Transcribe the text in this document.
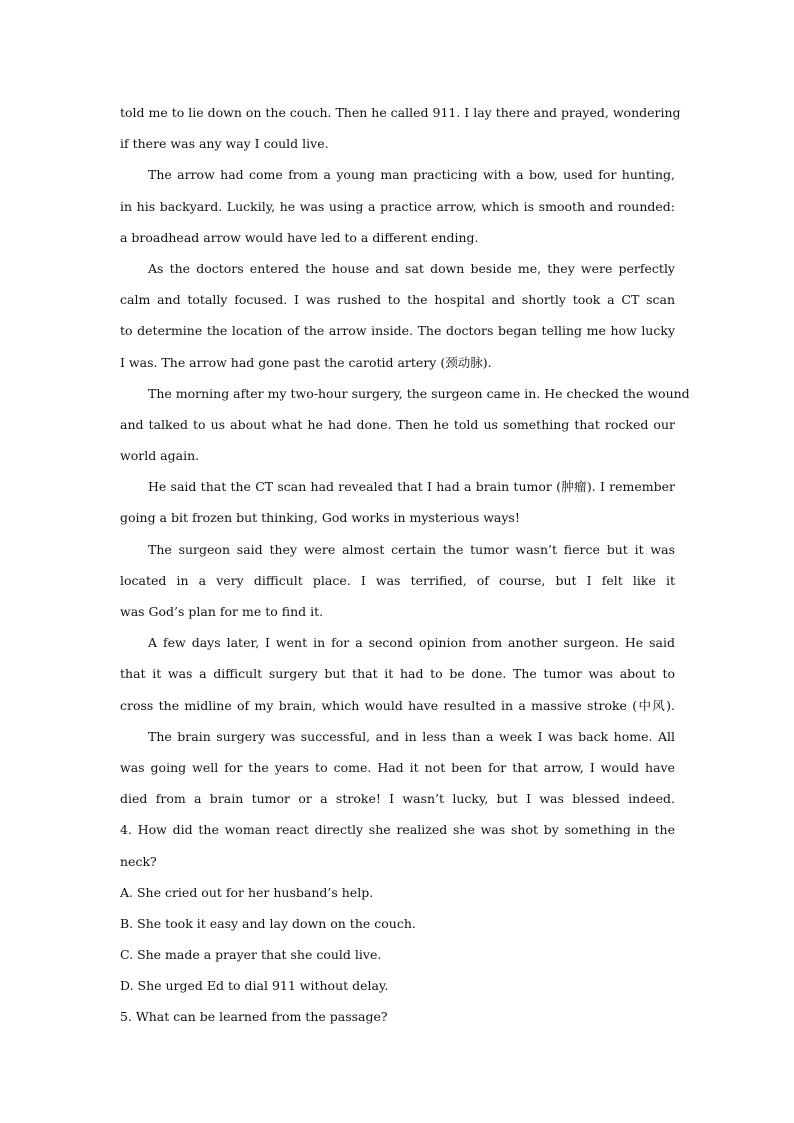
told me to lie down on the couch. Then he called 911. I lay there and prayed, wondering
if there was any way I could live.
The arrow had come from a young man practicing with a bow, used for hunting,
in his backyard. Luckily, he was using a practice arrow, which is smooth and rounded:
a broadhead arrow would have led to a different ending.
As the doctors entered the house and sat down beside me, they were perfectly
calm and totally focused. I was rushed to the hospital and shortly took a CT scan
to determine the location of the arrow inside. The doctors began telling me how lucky
I was. The arrow had gone past the carotid artery (颈动脉).
The morning after my two-hour surgery, the surgeon came in. He checked the wound
and talked to us about what he had done. Then he told us something that rocked our
world again.
He said that the CT scan had revealed that I had a brain tumor (肿瘤). I remember
going a bit frozen but thinking, God works in mysterious ways!
The surgeon said they were almost certain the tumor wasn’t fierce but it was
located in a very difficult place. I was terrified, of course, but I felt like it
was God’s plan for me to find it.
A few days later, I went in for a second opinion from another surgeon. He said
that it was a difficult surgery but that it had to be done. The tumor was about to
cross the midline of my brain, which would have resulted in a massive stroke (中风).
The brain surgery was successful, and in less than a week I was back home. All
was going well for the years to come. Had it not been for that arrow, I would have
died from a brain tumor or a stroke! I wasn’t lucky, but I was blessed indeed.
4. How did the woman react directly she realized she was shot by something in the
neck?
A. She cried out for her husband’s help.
B. She took it easy and lay down on the couch.
C. She made a prayer that she could live.
D. She urged Ed to dial 911 without delay.
5. What can be learned from the passage?
